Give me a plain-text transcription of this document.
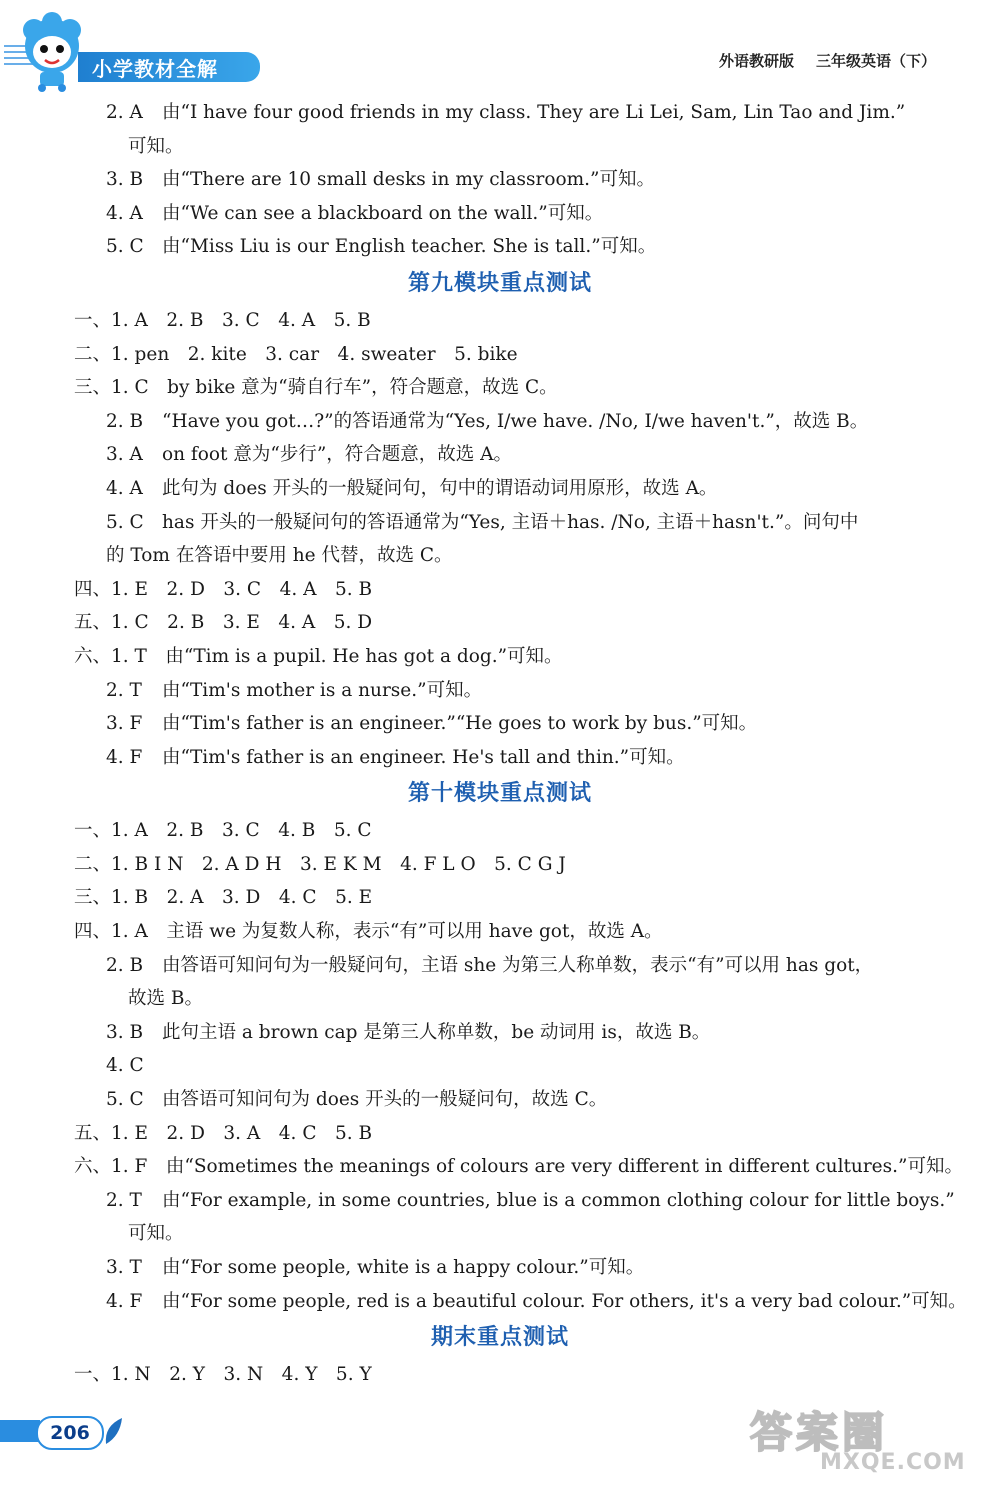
小学教材全解	外语教研版 三年级英语（下）
2. A 由“I have four good friends in my class. They are Li Lei, Sam, Lin Tao and Jim.”
可知。
3. B 由“There are 10 small desks in my classroom.”可知。
4. A 由“We can see a blackboard on the wall.”可知。
5. C 由“Miss Liu is our English teacher. She is tall.”可知。
第九模块重点测试
一、1. A　2. B　3. C　4. A　5. B
二、1. pen　2. kite　3. car　4. sweater　5. bike
三、1. C　by bike 意为“骑自行车”，符合题意，故选 C。
2. B “Have you got…?”的答语通常为“Yes, I/we have. /No, I/we haven't.”，故选 B。
3. A on foot 意为“步行”，符合题意，故选 A。
4. A 此句为 does 开头的一般疑问句，句中的谓语动词用原形，故选 A。
5. C has 开头的一般疑问句的答语通常为“Yes, 主语＋has. /No, 主语＋hasn't.”。问句中
的 Tom 在答语中要用 he 代替，故选 C。
四、1. E　2. D　3. C　4. A　5. B
五、1. C　2. B　3. E　4. A　5. D
六、1. T　由“Tim is a pupil. He has got a dog.”可知。
2. T 由“Tim's mother is a nurse.”可知。
3. F 由“Tim's father is an engineer.”“He goes to work by bus.”可知。
4. F 由“Tim's father is an engineer. He's tall and thin.”可知。
第十模块重点测试
一、1. A　2. B　3. C　4. B　5. C
二、1. B I N　2. A D H　3. E K M　4. F L O　5. C G J
三、1. B　2. A　3. D　4. C　5. E
四、1. A　主语 we 为复数人称，表示“有”可以用 have got，故选 A。
2. B 由答语可知问句为一般疑问句，主语 she 为第三人称单数，表示“有”可以用 has got，
故选 B。
3. B 此句主语 a brown cap 是第三人称单数，be 动词用 is，故选 B。
4. C
5. C 由答语可知问句为 does 开头的一般疑问句，故选 C。
五、1. E　2. D　3. A　4. C　5. B
六、1. F　由“Sometimes the meanings of colours are very different in different cultures.”可知。
2. T 由“For example, in some countries, blue is a common clothing colour for little boys.”
可知。
3. T 由“For some people, white is a happy colour.”可知。
4. F 由“For some people, red is a beautiful colour. For others, it's a very bad colour.”可知。
期末重点测试
一、1. N　2. Y　3. N　4. Y　5. Y
206	答案圈
MXQE.COM
